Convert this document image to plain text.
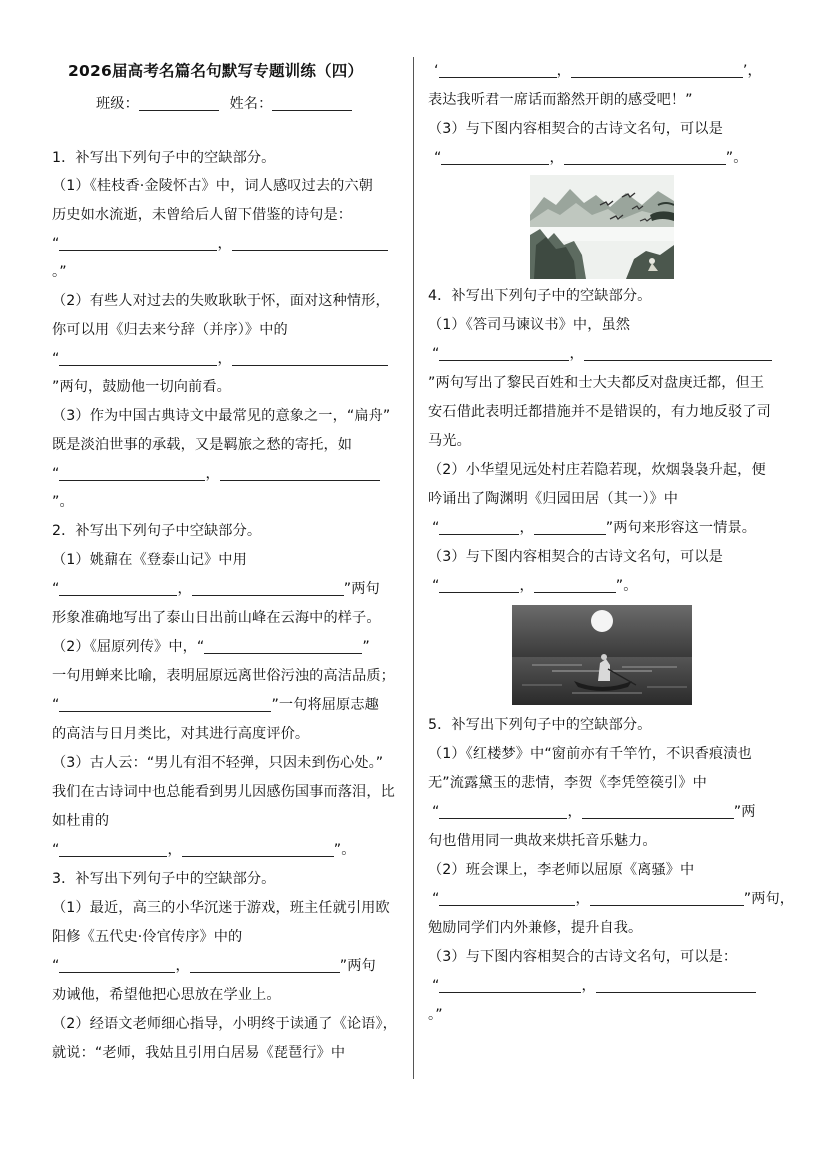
2026届高考名篇名句默写专题训练（四）
班级：	姓名：
1．补写出下列句子中的空缺部分。
（1）《桂枝香·金陵怀古》中，词人感叹过去的六朝
历史如水流逝，未曾给后人留下借鉴的诗句是：
“	，
。”
（2）有些人对过去的失败耿耿于怀，面对这种情形，
你可以用《归去来兮辞（并序）》中的
“	，
”两句，鼓励他一切向前看。
（3）作为中国古典诗文中最常见的意象之一，“扁舟”
既是淡泊世事的承载，又是羁旅之愁的寄托，如
“	，
”。
2．补写出下列句子中空缺部分。
（1）姚鼐在《登泰山记》中用
“	，	”两句
形象准确地写出了泰山日出前山峰在云海中的样子。
（2）《屈原列传》中，“	”
一句用蝉来比喻，表明屈原远离世俗污浊的高洁品质；
“	”一句将屈原志趣
的高洁与日月类比，对其进行高度评价。
（3）古人云：“男儿有泪不轻弹，只因未到伤心处。”
我们在古诗词中也总能看到男儿因感伤国事而落泪，比
如杜甫的
“	，	”。
3．补写出下列句子中的空缺部分。
（1）最近，高三的小华沉迷于游戏，班主任就引用欧
阳修《五代史·伶官传序》中的
“	，	”两句
劝诫他，希望他把心思放在学业上。
（2）经语文老师细心指导，小明终于读通了《论语》，
就说：“老师，我姑且引用白居易《琵琶行》中
‘	，	’，
表达我听君一席话而豁然开朗的感受吧！”
（3）与下图内容相契合的古诗文名句，可以是
“	，	”。
4．补写出下列句子中的空缺部分。
（1）《答司马谏议书》中，虽然
“	，
”两句写出了黎民百姓和士大夫都反对盘庚迁都，但王
安石借此表明迁都措施并不是错误的，有力地反驳了司
马光。
（2）小华望见远处村庄若隐若现，炊烟袅袅升起，便
吟诵出了陶渊明《归园田居（其一）》中
“	，	”两句来形容这一情景。
（3）与下图内容相契合的古诗文名句，可以是
“	，	”。
5．补写出下列句子中的空缺部分。
（1）《红楼梦》中“窗前亦有千竿竹，不识香痕渍也
无”流露黛玉的悲情，李贺《李凭箜篌引》中
“	，	”两
句也借用同一典故来烘托音乐魅力。
（2）班会课上，李老师以屈原《离骚》中
“	，	”两句，
勉励同学们内外兼修，提升自我。
（3）与下图内容相契合的古诗文名句，可以是：
“	，
。”
